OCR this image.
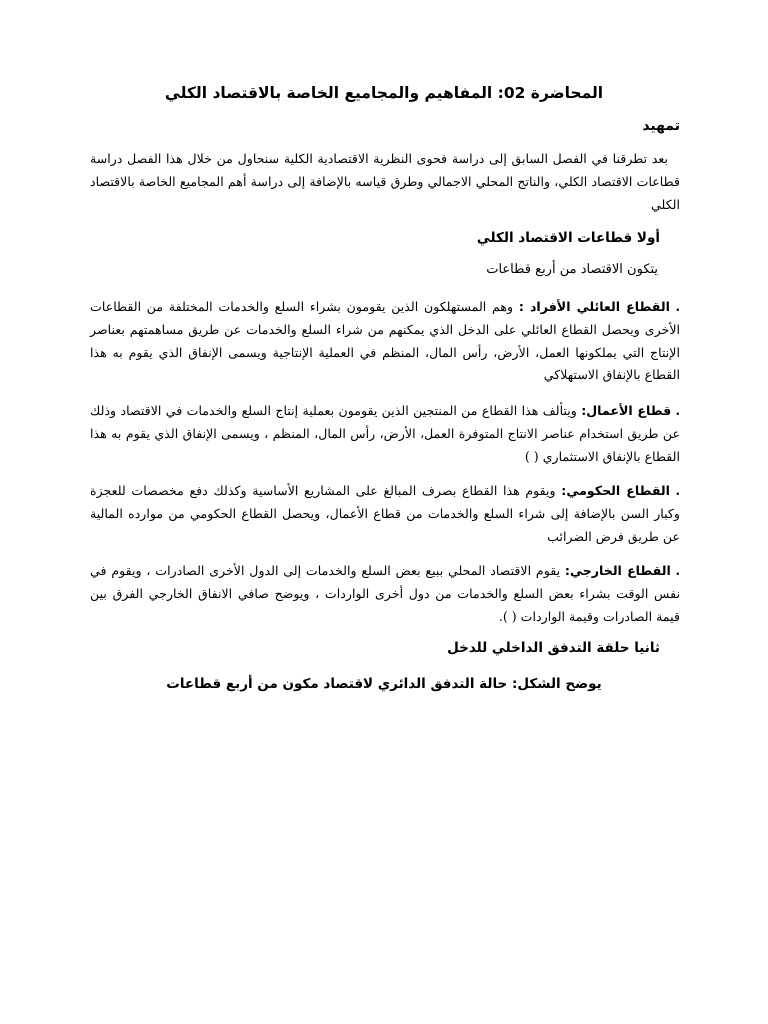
المحاضرة 02: المفاهيم والمجاميع الخاصة بالاقتصاد الكلي
تمهيد
بعد تطرقنا في الفصل السابق إلى دراسة فحوى النظرية الاقتصادية الكلية سنحاول من خلال هذا الفصل دراسة قطاعات الاقتصاد الكلي، والناتج المحلي الاجمالي وطرق قياسه بالإضافة إلى دراسة أهم المجاميع الخاصة بالاقتصاد الكلي
أولا قطاعات الاقتصاد الكلي
يتكون الاقتصاد من أربع قطاعات
. القطاع العائلي الأفراد : وهم المستهلكون الذين يقومون بشراء السلع والخدمات المختلفة من القطاعات الأخرى ويحصل القطاع العائلي على الدخل الذي يمكنهم من شراء السلع والخدمات عن طريق مساهمتهم بعناصر الإنتاج التي يملكونها العمل، الأرض، رأس المال، المنظم في العملية الإنتاجية ويسمى الإنفاق الذي يقوم به هذا القطاع بالإنفاق الاستهلاكي
. قطاع الأعمال: ويتألف هذا القطاع من المنتجين الذين يقومون بعملية إنتاج السلع والخدمات في الاقتصاد وذلك عن طريق استخدام عناصر الانتاج المتوفرة العمل، الأرض، رأس المال، المنظم ، ويسمى الإنفاق الذي يقوم به هذا القطاع بالإنفاق الاستثماري ( )
. القطاع الحكومي: ويقوم هذا القطاع بصرف المبالغ على المشاريع الأساسية وكذلك دفع مخصصات للعجزة وكبار السن بالإضافة إلى شراء السلع والخدمات من قطاع الأعمال، ويحصل القطاع الحكومي من موارده المالية عن طريق فرض الضرائب
. القطاع الخارجي: يقوم الاقتصاد المحلي ببيع بعض السلع والخدمات إلى الدول الأخرى الصادرات ، ويقوم في نفس الوقت بشراء بعض السلع والخدمات من دول أخرى الواردات ، ويوضح صافي الانفاق الخارجي الفرق بين قيمة الصادرات وقيمة الواردات ( ).
ثانيا حلقة التدفق الداخلي للدخل
يوضح الشكل: حالة التدفق الدائري لاقتصاد مكون من أربع قطاعات
